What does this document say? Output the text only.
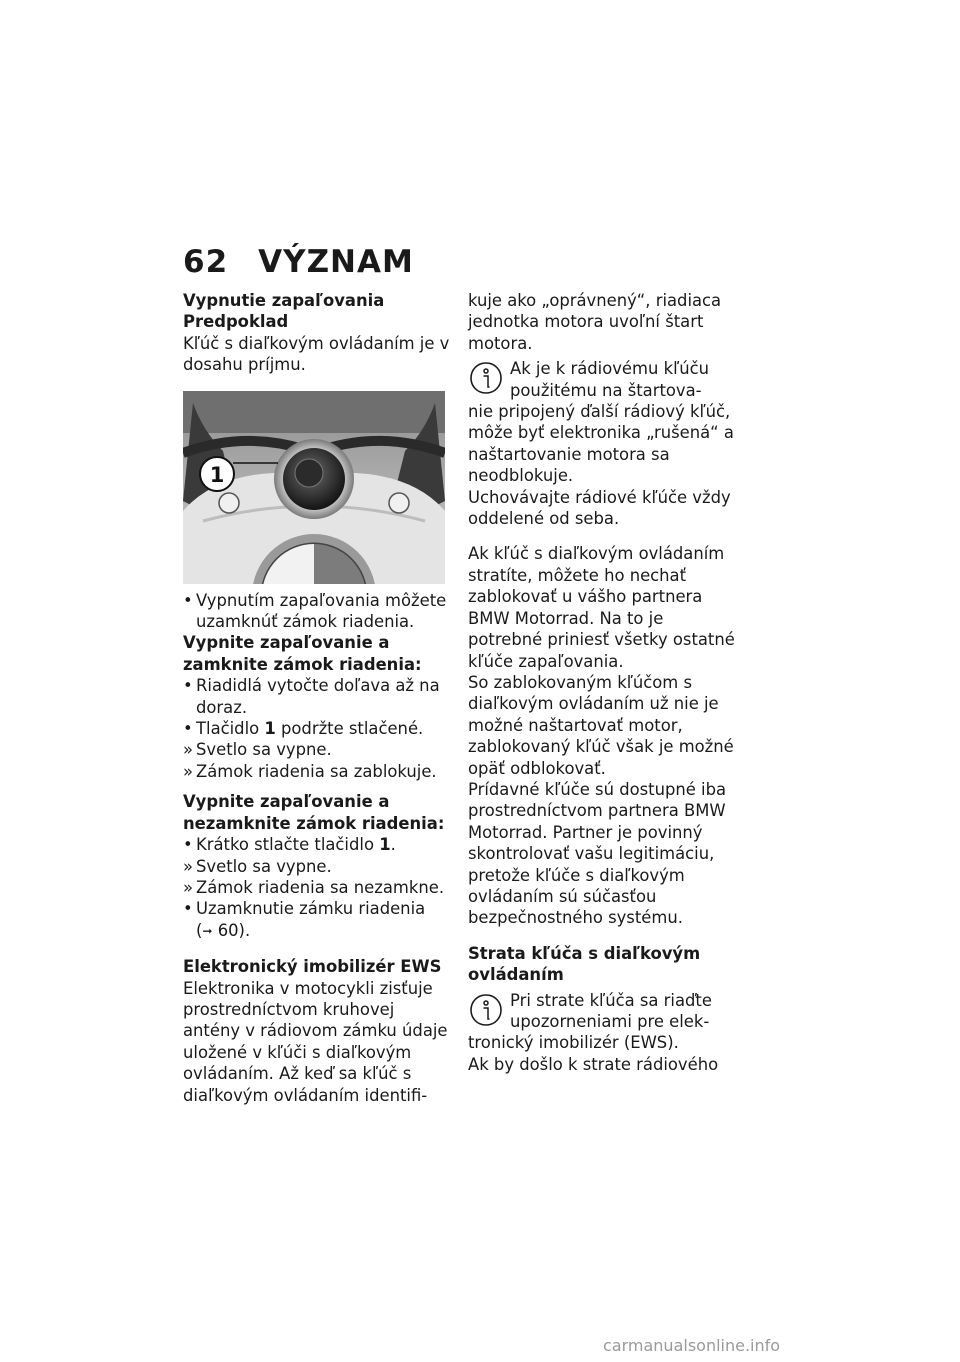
62 VÝZNAM

Vypnutie zapaľovania

Predpoklad

Kľúč s diaľkovým ovládaním je v dosahu príjmu.

1

• Vypnutím zapaľovania môžete uzamknúť zámok riadenia.

Vypnite zapaľovanie a zamknite zámok riadenia:

• Riadidlá vytočte doľava až na doraz.

• Tlačidlo 1 podržte stlačené.

» Svetlo sa vypne.

» Zámok riadenia sa zablokuje.

Vypnite zapaľovanie a nezamknite zámok riadenia:

• Krátko stlačte tlačidlo 1.

» Svetlo sa vypne.

» Zámok riadenia sa nezamkne.

• Uzamknutie zámku riadenia
(➞ 60).

Elektronický imobilizér EWS

Elektronika v motocykli zisťuje prostredníctvom kruhovej antény v rádiovom zámku údaje uložené v kľúči s diaľkovým ovládaním. Až keď sa kľúč s diaľkovým ovládaním identifi-

kuje ako „oprávnený“, riadiaca jednotka motora uvoľní štart motora.

Ak je k rádiovému kľúču použitému na štartova-

nie pripojený ďalší rádiový kľúč, môže byť elektronika „rušená“ a naštartovanie motora sa neodblokuje.

Uchovávajte rádiové kľúče vždy oddelené od seba.

Ak kľúč s diaľkovým ovládaním stratíte, môžete ho nechať zablokovať u vášho partnera BMW Motorrad. Na to je potrebné priniesť všetky ostatné kľúče zapaľovania.

So zablokovaným kľúčom s diaľkovým ovládaním už nie je možné naštartovať motor, zablokovaný kľúč však je možné opäť odblokovať.

Prídavné kľúče sú dostupné iba prostredníctvom partnera BMW Motorrad. Partner je povinný skontrolovať vašu legitimáciu, pretože kľúče s diaľkovým ovládaním sú súčasťou bezpečnostného systému.

Strata kľúča s diaľkovým ovládaním

Pri strate kľúča sa riaďte upozorneniami pre elek-

tronický imobilizér (EWS).

Ak by došlo k strate rádiového

carmanualsonline.info
